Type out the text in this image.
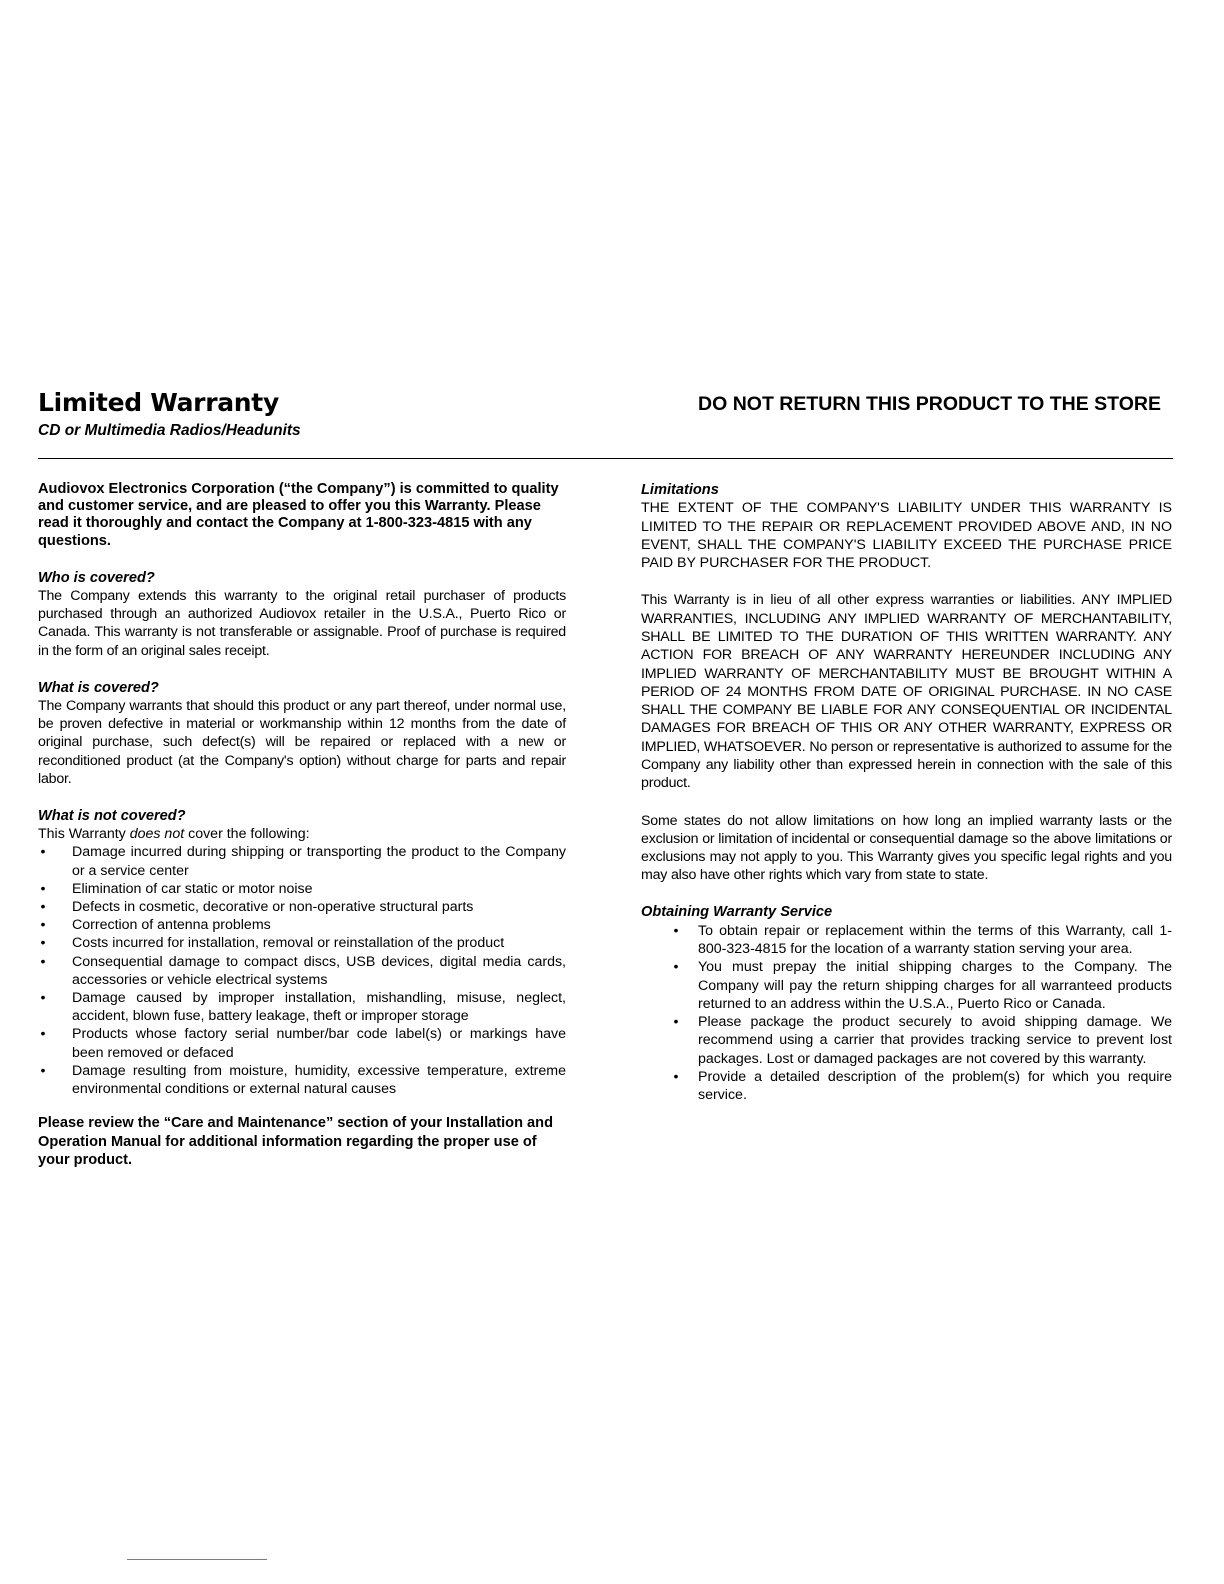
Limited Warranty
CD or Multimedia Radios/Headunits
DO NOT RETURN THIS PRODUCT TO THE STORE

Audiovox Electronics Corporation (“the Company”) is committed to quality and customer service, and are pleased to offer you this Warranty. Please read it thoroughly and contact the Company at 1-800-323-4815 with any questions.

Who is covered?

The Company extends this warranty to the original retail purchaser of products purchased through an authorized Audiovox retailer in the U.S.A., Puerto Rico or Canada. This warranty is not transferable or assignable. Proof of purchase is required in the form of an original sales receipt.

What is covered?

The Company warrants that should this product or any part thereof, under normal use, be proven defective in material or workmanship within 12 months from the date of original purchase, such defect(s) will be repaired or replaced with a new or reconditioned product (at the Company's option) without charge for parts and repair labor.

What is not covered?

This Warranty does not cover the following:

• Damage incurred during shipping or transporting the product to the Company or a service center
• Elimination of car static or motor noise
• Defects in cosmetic, decorative or non-operative structural parts
• Correction of antenna problems
• Costs incurred for installation, removal or reinstallation of the product
• Consequential damage to compact discs, USB devices, digital media cards, accessories or vehicle electrical systems
• Damage caused by improper installation, mishandling, misuse, neglect, accident, blown fuse, battery leakage, theft or improper storage
• Products whose factory serial number/bar code label(s) or markings have been removed or defaced
• Damage resulting from moisture, humidity, excessive temperature, extreme environmental conditions or external natural causes

Please review the “Care and Maintenance” section of your Installation and Operation Manual for additional information regarding the proper use of your product.

Limitations

THE EXTENT OF THE COMPANY'S LIABILITY UNDER THIS WARRANTY IS LIMITED TO THE REPAIR OR REPLACEMENT PROVIDED ABOVE AND, IN NO EVENT, SHALL THE COMPANY'S LIABILITY EXCEED THE PURCHASE PRICE PAID BY PURCHASER FOR THE PRODUCT.

This Warranty is in lieu of all other express warranties or liabilities. ANY IMPLIED WARRANTIES, INCLUDING ANY IMPLIED WARRANTY OF MERCHANTABILITY, SHALL BE LIMITED TO THE DURATION OF THIS WRITTEN WARRANTY. ANY ACTION FOR BREACH OF ANY WARRANTY HEREUNDER INCLUDING ANY IMPLIED WARRANTY OF MERCHANTABILITY MUST BE BROUGHT WITHIN A PERIOD OF 24 MONTHS FROM DATE OF ORIGINAL PURCHASE. IN NO CASE SHALL THE COMPANY BE LIABLE FOR ANY CONSEQUENTIAL OR INCIDENTAL DAMAGES FOR BREACH OF THIS OR ANY OTHER WARRANTY, EXPRESS OR IMPLIED, WHATSOEVER. No person or representative is authorized to assume for the Company any liability other than expressed herein in connection with the sale of this product.

Some states do not allow limitations on how long an implied warranty lasts or the exclusion or limitation of incidental or consequential damage so the above limitations or exclusions may not apply to you. This Warranty gives you specific legal rights and you may also have other rights which vary from state to state.

Obtaining Warranty Service
• To obtain repair or replacement within the terms of this Warranty, call 1-800-323-4815 for the location of a warranty station serving your area.
• You must prepay the initial shipping charges to the Company. The Company will pay the return shipping charges for all warranteed products returned to an address within the U.S.A., Puerto Rico or Canada.
• Please package the product securely to avoid shipping damage. We recommend using a carrier that provides tracking service to prevent lost packages. Lost or damaged packages are not covered by this warranty.
• Provide a detailed description of the problem(s) for which you require service.
